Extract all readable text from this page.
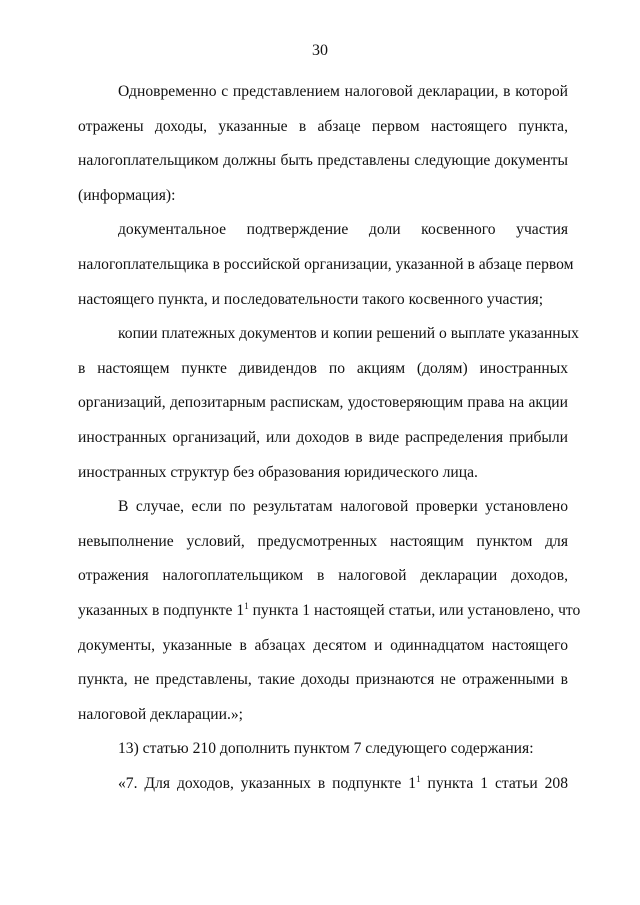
30
Одновременно с представлением налоговой декларации, в которой
отражены доходы, указанные в абзаце первом настоящего пункта,
налогоплательщиком должны быть представлены следующие документы
(информация):
документальное подтверждение доли косвенного участия
налогоплательщика в российской организации, указанной в абзаце первом
настоящего пункта, и последовательности такого косвенного участия;
копии платежных документов и копии решений о выплате указанных
в настоящем пункте дивидендов по акциям (долям) иностранных
организаций, депозитарным распискам, удостоверяющим права на акции
иностранных организаций, или доходов в виде распределения прибыли
иностранных структур без образования юридического лица.
В случае, если по результатам налоговой проверки установлено
невыполнение условий, предусмотренных настоящим пунктом для
отражения налогоплательщиком в налоговой декларации доходов,
указанных в подпункте $1^1$ пункта 1 настоящей статьи, или установлено, что
документы, указанные в абзацах десятом и одиннадцатом настоящего
пункта, не представлены, такие доходы признаются не отраженными в
налоговой декларации.»;
13) статью 210 дополнить пунктом 7 следующего содержания:
«7. Для доходов, указанных в подпункте $1^1$ пункта 1 статьи 208
